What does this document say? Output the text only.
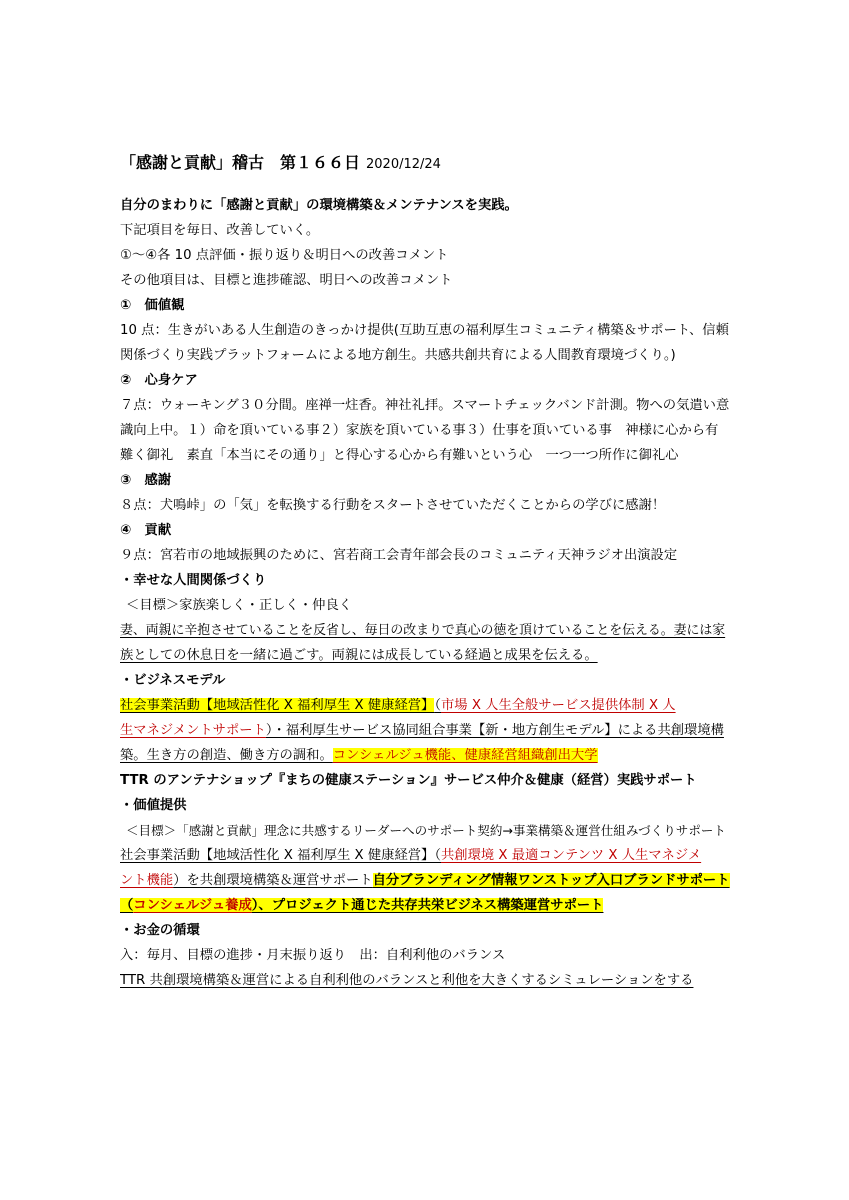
「感謝と貢献」稽古　第１６６日 2020/12/24
自分のまわりに「感謝と貢献」の環境構築＆メンテナンスを実践。
下記項目を毎日、改善していく。
①～④各 10 点評価・振り返り＆明日への改善コメント
その他項目は、目標と進捗確認、明日への改善コメント
①　価値観
10 点：生きがいある人生創造のきっかけ提供(互助互恵の福利厚生コミュニティ構築＆サポート、信頼
関係づくり実践プラットフォームによる地方創生。共感共創共育による人間教育環境づくり。)
②　心身ケア
７点：ウォーキング３０分間。座禅一炷香。神社礼拝。スマートチェックバンド計測。物への気遣い意
識向上中。１）命を頂いている事２）家族を頂いている事３）仕事を頂いている事　神様に心から有
難く御礼　素直「本当にその通り」と得心する心から有難いという心　一つ一つ所作に御礼心
③　感謝
８点：犬鳴峠」の「気」を転換する行動をスタートさせていただくことからの学びに感謝！
④　貢献
９点：宮若市の地域振興のために、宮若商工会青年部会長のコミュニティ天神ラジオ出演設定
・幸せな人間関係づくり
＜目標＞家族楽しく・正しく・仲良く
妻、両親に辛抱させていることを反省し、毎日の改まりで真心の徳を頂けていることを伝える。妻には家
族としての休息日を一緒に過ごす。両親には成長している経過と成果を伝える。
・ビジネスモデル
社会事業活動【地域活性化 X 福利厚生 X 健康経営】（市場 X 人生全般サービス提供体制 X 人
生マネジメントサポート）・福利厚生サービス協同組合事業【新・地方創生モデル】による共創環境構
築。生き方の創造、働き方の調和。コンシェルジュ機能、健康経営組織創出大学
TTR のアンテナショップ『まちの健康ステーション』サービス仲介＆健康（経営）実践サポート
・価値提供
＜目標＞「感謝と貢献」理念に共感するリーダーへのサポート契約→事業構築＆運営仕組みづくりサポート
社会事業活動【地域活性化 X 福利厚生 X 健康経営】（共創環境 X 最適コンテンツ X 人生マネジメ
ント機能）を共創環境構築＆運営サポート自分ブランディング情報ワンストップ入口ブランドサポート
（コンシェルジュ養成）、プロジェクト通じた共存共栄ビジネス構築運営サポート
・お金の循環
入：毎月、目標の進捗・月末振り返り　出：自利利他のバランス
TTR 共創環境構築＆運営による自利利他のバランスと利他を大きくするシミュレーションをする
